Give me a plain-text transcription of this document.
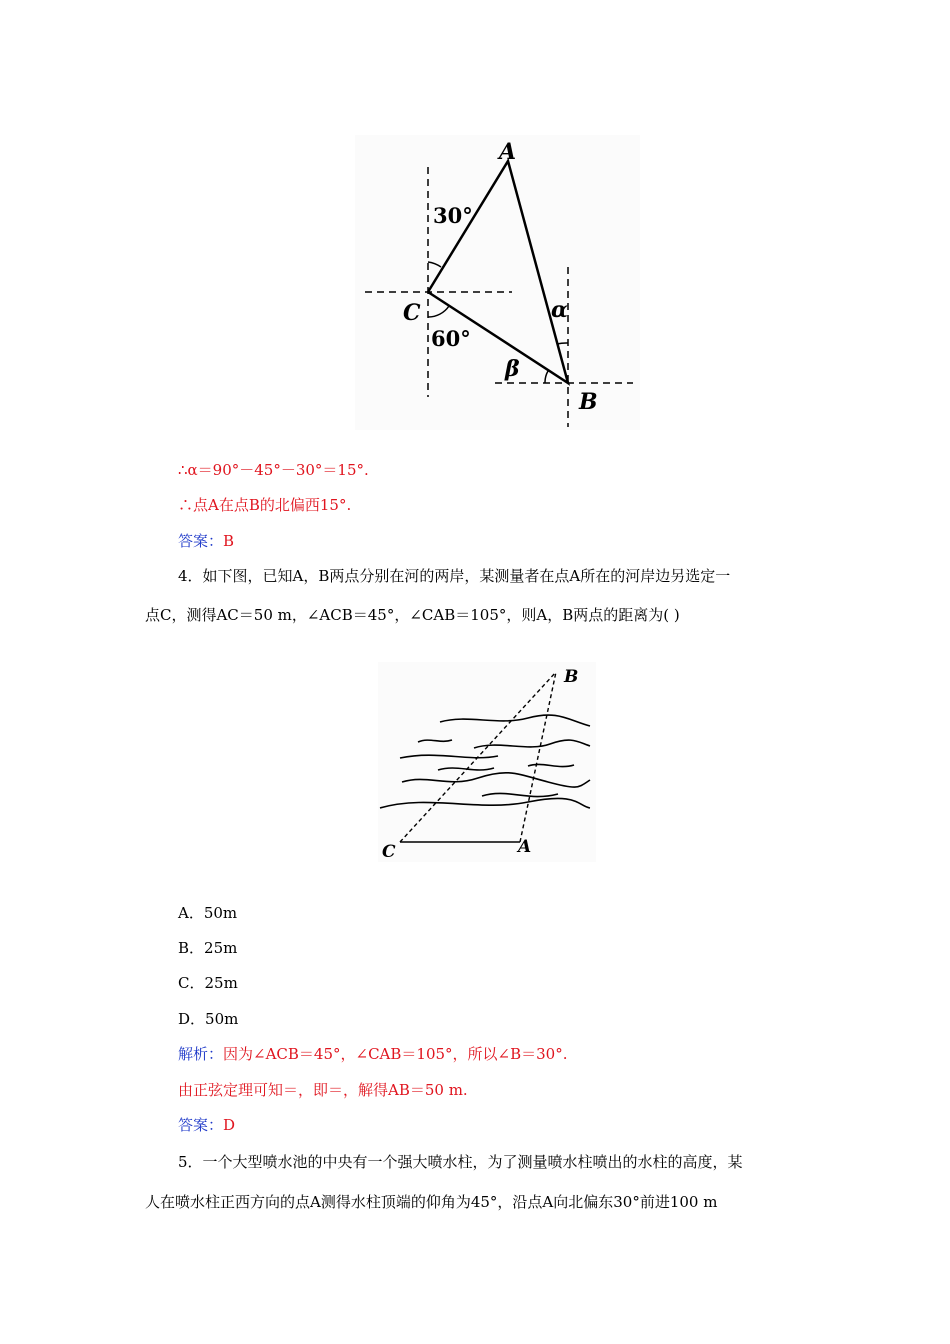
A
30°
C
60°
α
β
B
∴α＝90°－45°－30°＝15°.
∴点A在点B的北偏西15°.
答案：B
4．如下图，已知A，B两点分别在河的两岸，某测量者在点A所在的河岸边另选定一
点C，测得AC＝50 m，∠ACB＝45°，∠CAB＝105°，则A，B两点的距离为( )
B
C	A
A．50m
B．25m
C．25m
D．50m
解析：因为∠ACB＝45°，∠CAB＝105°，所以∠B＝30°.
由正弦定理可知＝，即＝，解得AB＝50 m.
答案：D
5．一个大型喷水池的中央有一个强大喷水柱，为了测量喷水柱喷出的水柱的高度，某
人在喷水柱正西方向的点A测得水柱顶端的仰角为45°，沿点A向北偏东30°前进100 m
